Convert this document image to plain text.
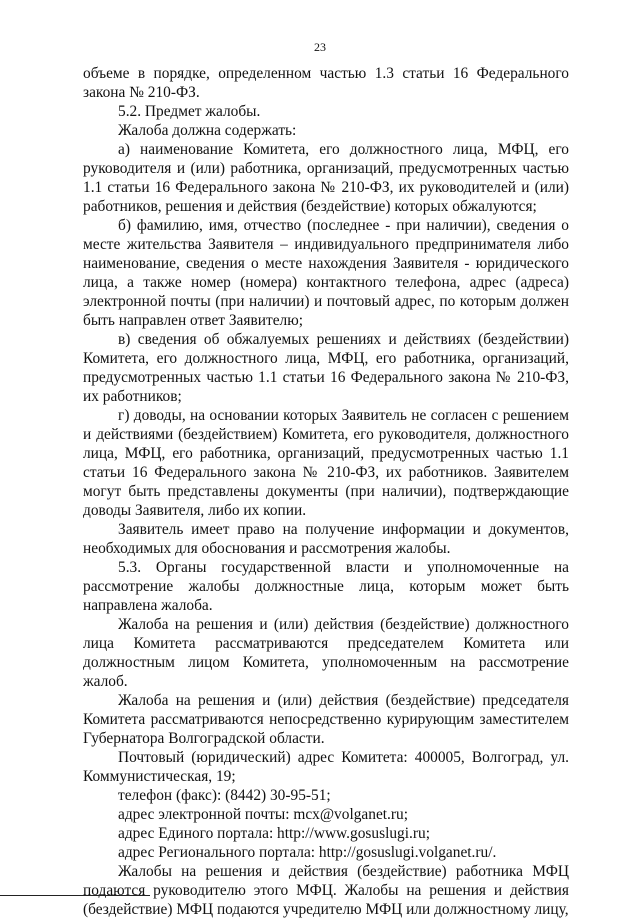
23

объеме в порядке, определенном частью 1.3 статьи 16 Федерального закона № 210-ФЗ.

5.2. Предмет жалобы.

Жалоба должна содержать:

а) наименование Комитета, его должностного лица, МФЦ, его руководителя и (или) работника, организаций, предусмотренных частью 1.1 статьи 16 Федерального закона № 210-ФЗ, их руководителей и (или) работников, решения и действия (бездействие) которых обжалуются;

б) фамилию, имя, отчество (последнее - при наличии), сведения о месте жительства Заявителя – индивидуального предпринимателя либо наименование, сведения о месте нахождения Заявителя - юридического лица, а также номер (номера) контактного телефона, адрес (адреса) электронной почты (при наличии) и почтовый адрес, по которым должен быть направлен ответ Заявителю;

в) сведения об обжалуемых решениях и действиях (бездействии) Комитета, его должностного лица, МФЦ, его работника, организаций, предусмотренных частью 1.1 статьи 16 Федерального закона № 210-ФЗ, их работников;

г) доводы, на основании которых Заявитель не согласен с решением и действиями (бездействием) Комитета, его руководителя, должностного лица, МФЦ, его работника, организаций, предусмотренных частью 1.1 статьи 16 Федерального закона № 210-ФЗ, их работников. Заявителем могут быть представлены документы (при наличии), подтверждающие доводы Заявителя, либо их копии.

Заявитель имеет право на получение информации и документов, необходимых для обоснования и рассмотрения жалобы.

5.3. Органы государственной власти и уполномоченные на рассмотрение жалобы должностные лица, которым может быть направлена жалоба.

Жалоба на решения и (или) действия (бездействие) должностного лица Комитета рассматриваются председателем Комитета или должностным лицом Комитета, уполномоченным на рассмотрение жалоб.

Жалоба на решения и (или) действия (бездействие) председателя Комитета рассматриваются непосредственно курирующим заместителем Губернатора Волгоградской области.

Почтовый (юридический) адрес Комитета: 400005, Волгоград, ул. Коммунистическая, 19;

телефон (факс): (8442) 30-95-51;

адрес электронной почты: mcx@volganet.ru;

адрес Единого портала: http://www.gosuslugi.ru;

адрес Регионального портала: http://gosuslugi.volganet.ru/.

Жалобы на решения и действия (бездействие) работника МФЦ подаются руководителю этого МФЦ. Жалобы на решения и действия (бездействие) МФЦ подаются учредителю МФЦ или должностному лицу,
